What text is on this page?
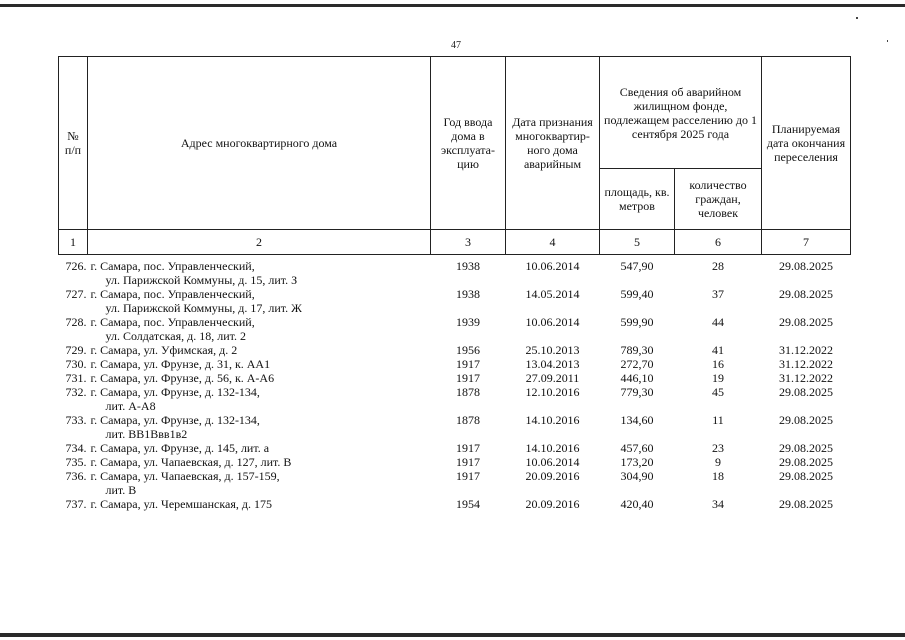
47
№ п/п	Адрес многоквартирного дома	Год ввода дома в эксплуата-цию	Дата признания многоквартир-ного дома аварийным	Сведения об аварийном жилищном фонде, подлежащем расселению до 1 сентября 2025 года		Планируемая дата окончания переселения
				площадь, кв. метров	количество граждан, человек	
1	2	3	4	5	6	7
726.	г. Самара, пос. Управленческий,
ул. Парижской Коммуны, д. 15, лит. З	1938	10.06.2014	547,90	28	29.08.2025
727.	г. Самара, пос. Управленческий,
ул. Парижской Коммуны, д. 17, лит. Ж	1938	14.05.2014	599,40	37	29.08.2025
728.	г. Самара, пос. Управленческий,
ул. Солдатская, д. 18, лит. 2	1939	10.06.2014	599,90	44	29.08.2025
729.	г. Самара, ул. Уфимская, д. 2	1956	25.10.2013	789,30	41	31.12.2022
730.	г. Самара, ул. Фрунзе, д. 31, к. АА1	1917	13.04.2013	272,70	16	31.12.2022
731.	г. Самара, ул. Фрунзе, д. 56, к. А-А6	1917	27.09.2011	446,10	19	31.12.2022
732.	г. Самара, ул. Фрунзе, д. 132-134,
лит. А-А8	1878	12.10.2016	779,30	45	29.08.2025
733.	г. Самара, ул. Фрунзе, д. 132-134,
лит. ВВ1Ввв1в2	1878	14.10.2016	134,60	11	29.08.2025
734.	г. Самара, ул. Фрунзе, д. 145, лит. а	1917	14.10.2016	457,60	23	29.08.2025
735.	г. Самара, ул. Чапаевская, д. 127, лит. В	1917	10.06.2014	173,20	9	29.08.2025
736.	г. Самара, ул. Чапаевская, д. 157-159,
лит. В	1917	20.09.2016	304,90	18	29.08.2025
737.	г. Самара, ул. Черемшанская, д. 175	1954	20.09.2016	420,40	34	29.08.2025
